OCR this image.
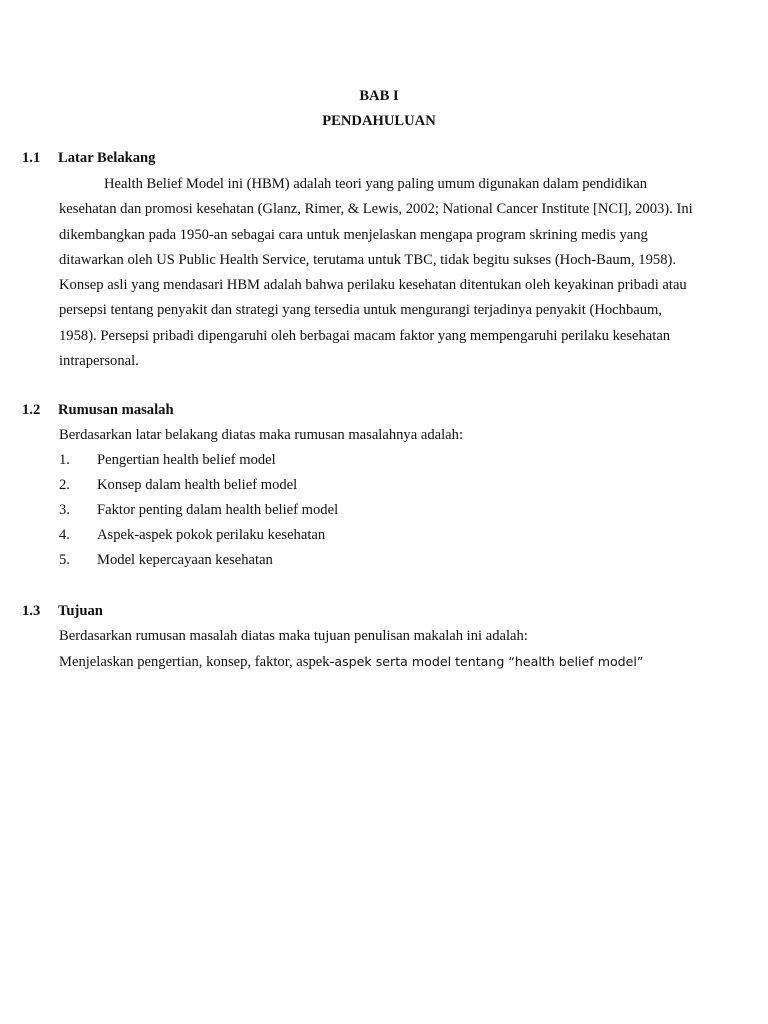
BAB I
PENDAHULUAN
1.1 Latar Belakang
Health Belief Model ini (HBM) adalah teori yang paling umum digunakan dalam pendidikan
kesehatan dan promosi kesehatan (Glanz, Rimer, & Lewis, 2002; National Cancer Institute [NCI], 2003). Ini
dikembangkan pada 1950-an sebagai cara untuk menjelaskan mengapa program skrining medis yang
ditawarkan oleh US Public Health Service, terutama untuk TBC, tidak begitu sukses (Hoch-Baum, 1958).
Konsep asli yang mendasari HBM adalah bahwa perilaku kesehatan ditentukan oleh keyakinan pribadi atau
persepsi tentang penyakit dan strategi yang tersedia untuk mengurangi terjadinya penyakit (Hochbaum,
1958). Persepsi pribadi dipengaruhi oleh berbagai macam faktor yang mempengaruhi perilaku kesehatan
intrapersonal.
1.2 Rumusan masalah
Berdasarkan latar belakang diatas maka rumusan masalahnya adalah:
1. Pengertian health belief model
2. Konsep dalam health belief model
3. Faktor penting dalam health belief model
4. Aspek-aspek pokok perilaku kesehatan
5. Model kepercayaan kesehatan
1.3 Tujuan
Berdasarkan rumusan masalah diatas maka tujuan penulisan makalah ini adalah:
Menjelaskan pengertian, konsep, faktor, aspek-aspek serta model tentang “health belief model”
